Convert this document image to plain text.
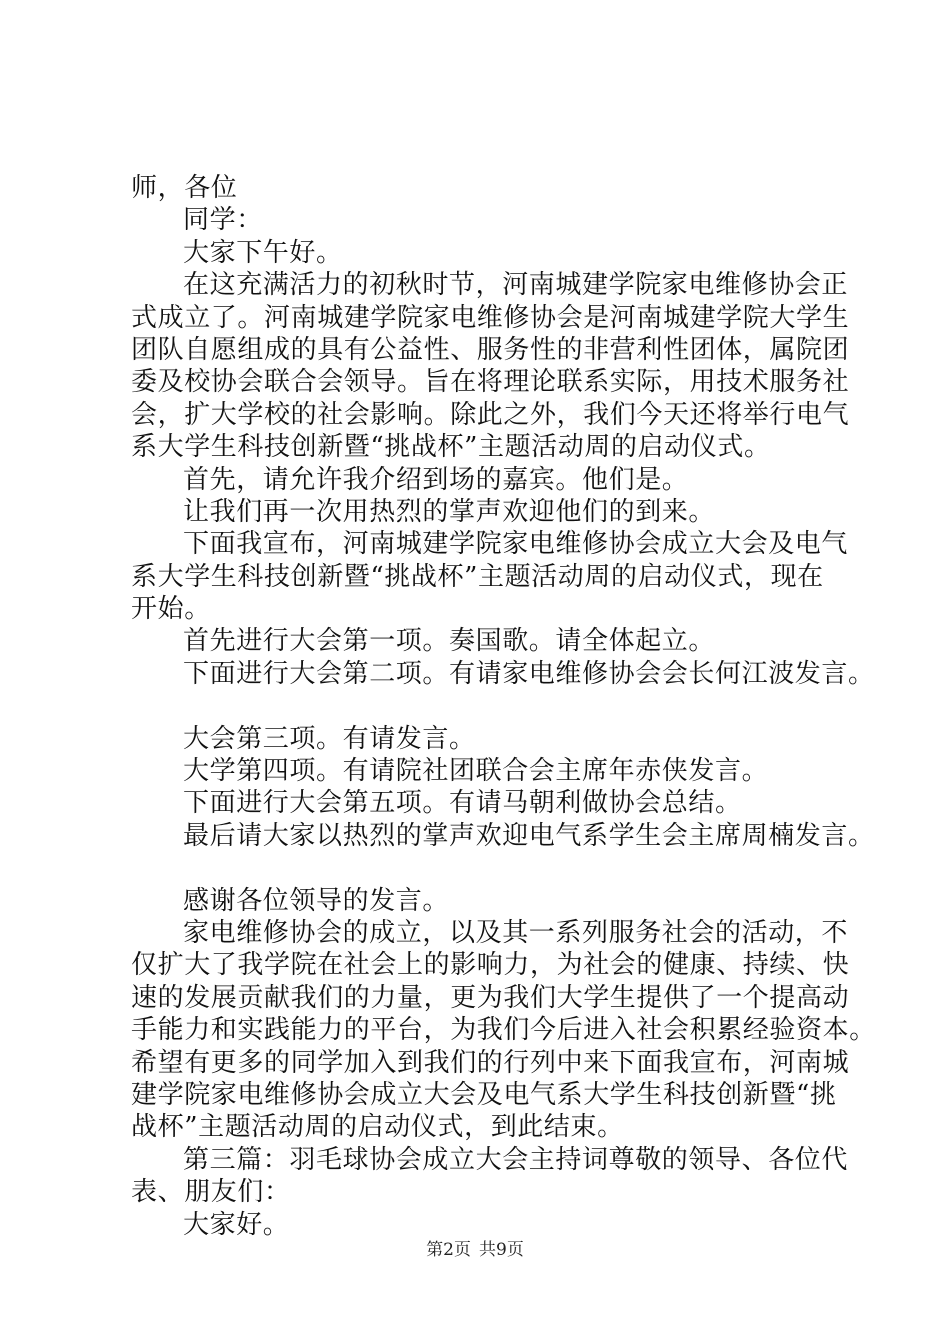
师，各位
同学：
大家下午好。
在这充满活力的初秋时节，河南城建学院家电维修协会正
式成立了。河南城建学院家电维修协会是河南城建学院大学生
团队自愿组成的具有公益性、服务性的非营利性团体，属院团
委及校协会联合会领导。旨在将理论联系实际，用技术服务社
会，扩大学校的社会影响。除此之外，我们今天还将举行电气
系大学生科技创新暨“挑战杯”主题活动周的启动仪式。
首先，请允许我介绍到场的嘉宾。他们是。
让我们再一次用热烈的掌声欢迎他们的到来。
下面我宣布，河南城建学院家电维修协会成立大会及电气
系大学生科技创新暨“挑战杯”主题活动周的启动仪式，现在
开始。
首先进行大会第一项。奏国歌。请全体起立。
下面进行大会第二项。有请家电维修协会会长何江波发言。
大会第三项。有请发言。
大学第四项。有请院社团联合会主席年赤侠发言。
下面进行大会第五项。有请马朝利做协会总结。
最后请大家以热烈的掌声欢迎电气系学生会主席周楠发言。
感谢各位领导的发言。
家电维修协会的成立，以及其一系列服务社会的活动，不
仅扩大了我学院在社会上的影响力，为社会的健康、持续、快
速的发展贡献我们的力量，更为我们大学生提供了一个提高动
手能力和实践能力的平台，为我们今后进入社会积累经验资本。
希望有更多的同学加入到我们的行列中来下面我宣布，河南城
建学院家电维修协会成立大会及电气系大学生科技创新暨“挑
战杯”主题活动周的启动仪式，到此结束。
第三篇：羽毛球协会成立大会主持词尊敬的领导、各位代
表、朋友们：
大家好。
第2页 共9页
